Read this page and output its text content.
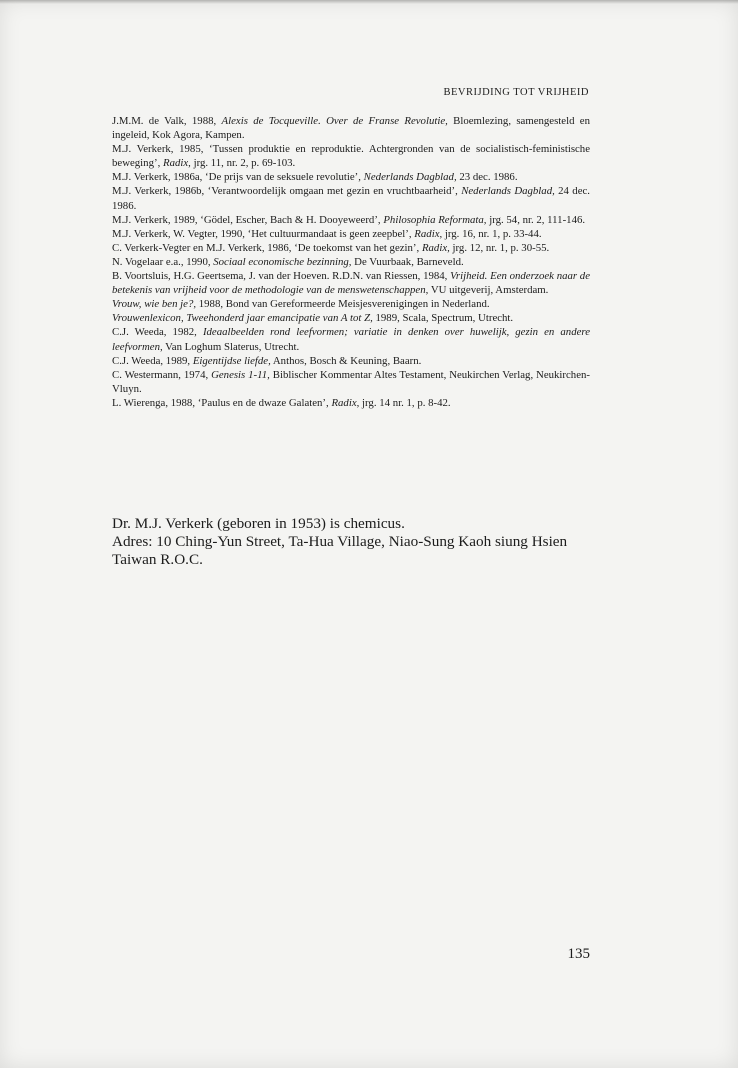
BEVRIJDING TOT VRIJHEID

J.M.M. de Valk, 1988, Alexis de Tocqueville. Over de Franse Revolutie, Bloemlezing, samengesteld en ingeleid, Kok Agora, Kampen.

M.J. Verkerk, 1985, ‘Tussen produktie en reproduktie. Achtergronden van de socialistisch-feministische beweging’, Radix, jrg. 11, nr. 2, p. 69-103.

M.J. Verkerk, 1986a, ‘De prijs van de seksuele revolutie’, Nederlands Dagblad, 23 dec. 1986.

M.J. Verkerk, 1986b, ‘Verantwoordelijk omgaan met gezin en vruchtbaarheid’, Nederlands Dagblad, 24 dec. 1986.

M.J. Verkerk, 1989, ‘Gödel, Escher, Bach & H. Dooyeweerd’, Philosophia Reformata, jrg. 54, nr. 2, 111-146.

M.J. Verkerk, W. Vegter, 1990, ‘Het cultuurmandaat is geen zeepbel’, Radix, jrg. 16, nr. 1, p. 33-44.

C. Verkerk-Vegter en M.J. Verkerk, 1986, ‘De toekomst van het gezin’, Radix, jrg. 12, nr. 1, p. 30-55.

N. Vogelaar e.a., 1990, Sociaal economische bezinning, De Vuurbaak, Barneveld.

B. Voortsluis, H.G. Geertsema, J. van der Hoeven. R.D.N. van Riessen, 1984, Vrijheid. Een onderzoek naar de betekenis van vrijheid voor de methodologie van de menswetenschappen, VU uitgeverij, Amsterdam.

Vrouw, wie ben je?, 1988, Bond van Gereformeerde Meisjesverenigingen in Nederland.

Vrouwenlexicon, Tweehonderd jaar emancipatie van A tot Z, 1989, Scala, Spectrum, Utrecht.

C.J. Weeda, 1982, Ideaalbeelden rond leefvormen; variatie in denken over huwelijk, gezin en andere leefvormen, Van Loghum Slaterus, Utrecht.

C.J. Weeda, 1989, Eigentijdse liefde, Anthos, Bosch & Keuning, Baarn.

C. Westermann, 1974, Genesis 1-11, Biblischer Kommentar Altes Testament, Neukirchen Verlag, Neukirchen-Vluyn.

L. Wierenga, 1988, ‘Paulus en de dwaze Galaten’, Radix, jrg. 14 nr. 1, p. 8-42.

Dr. M.J. Verkerk (geboren in 1953) is chemicus.

Adres: 10 Ching-Yun Street, Ta-Hua Village, Niao-Sung Kaoh siung Hsien Taiwan R.O.C.

135
